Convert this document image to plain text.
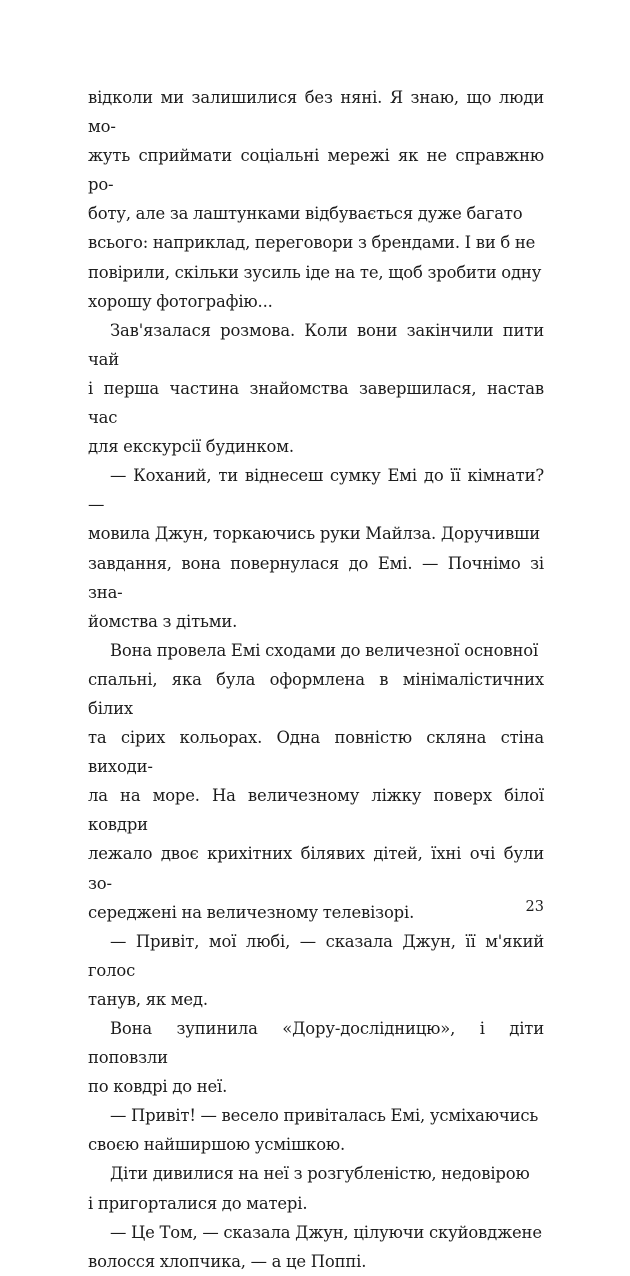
відколи ми залишилися без няні. Я знаю, що люди мо-
жуть сприймати соціальні мережі як не справжню ро-
боту, але за лаштунками відбувається дуже багато
всього: наприклад, переговори з брендами. І ви б не
повірили, скільки зусиль іде на те, щоб зробити одну
хорошу фотографію...

Зав'язалася розмова. Коли вони закінчили пити чай
і перша частина знайомства завершилася, настав час
для екскурсії будинком.

— Коханий, ти віднесеш сумку Емі до її кімнати? —
мовила Джун, торкаючись руки Майлза. Доручивши
завдання, вона повернулася до Емі. — Почнімо зі зна-
йомства з дітьми.

Вона провела Емі сходами до величезної основної
спальні, яка була оформлена в мінімалістичних білих
та сірих кольорах. Одна повністю скляна стіна виходи-
ла на море. На величезному ліжку поверх білої ковдри
лежало двоє крихітних білявих дітей, їхні очі були зо-
середжені на величезному телевізорі.

— Привіт, мої любі, — сказала Джун, її м'який голос
танув, як мед.

Вона зупинила «Дору-дослідницю», і діти поповзли
по ковдрі до неї.

— Привіт! — весело привіталась Емі, усміхаючись
своєю найширшою усмішкою.

Діти дивилися на неї з розгубленістю, недовірою
і пригорталися до матері.

— Це Том, — сказала Джун, цілуючи скуйовджене
волосся хлопчика, — а це Поппі.

23
